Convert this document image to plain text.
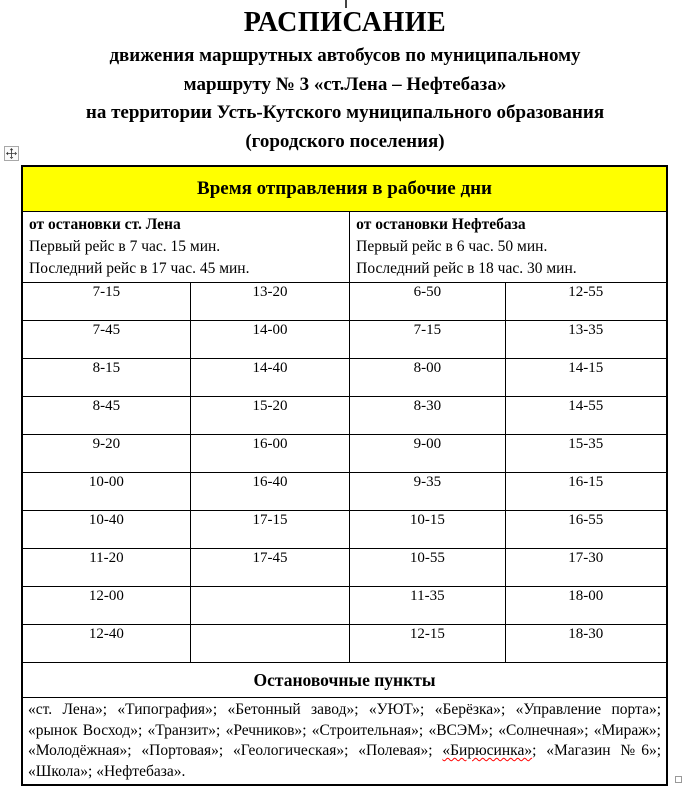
РАСПИСАНИЕ
движения маршрутных автобусов по муниципальному
маршруту № 3 «ст.Лена – Нефтебаза»
на территории Усть-Кутского муниципального образования
(городского поселения)
Время отправления в рабочие дни			

от остановки ст. Лена
Первый рейс в 7 час. 15 мин.
Последний рейс в 17 час. 45 мин.

от остановки Нефтебаза
Первый рейс в 6 час. 50 мин.
Последний рейс в 18 час. 30 мин.

7-15	13-20	6-50	12-55
7-45	14-00	7-15	13-35
8-15	14-40	8-00	14-15
8-45	15-20	8-30	14-55
9-20	16-00	9-00	15-35
10-00	16-40	9-35	16-15
10-40	17-15	10-15	16-55
11-20	17-45	10-55	17-30
12-00		11-35	18-00
12-40		12-15	18-30
Остановочные пункты			
«ст. Лена»; «Типография»; «Бетонный завод»; «УЮТ»; «Берёзка»; «Управление порта»; «рынок Восход»; «Транзит»; «Речников»; «Строительная»; «ВСЭМ»; «Солнечная»; «Мираж»; «Молодёжная»; «Портовая»; «Геологическая»; «Полевая»; «Бирюсинка»; «Магазин №6»; «Школа»; «Нефтебаза».			
